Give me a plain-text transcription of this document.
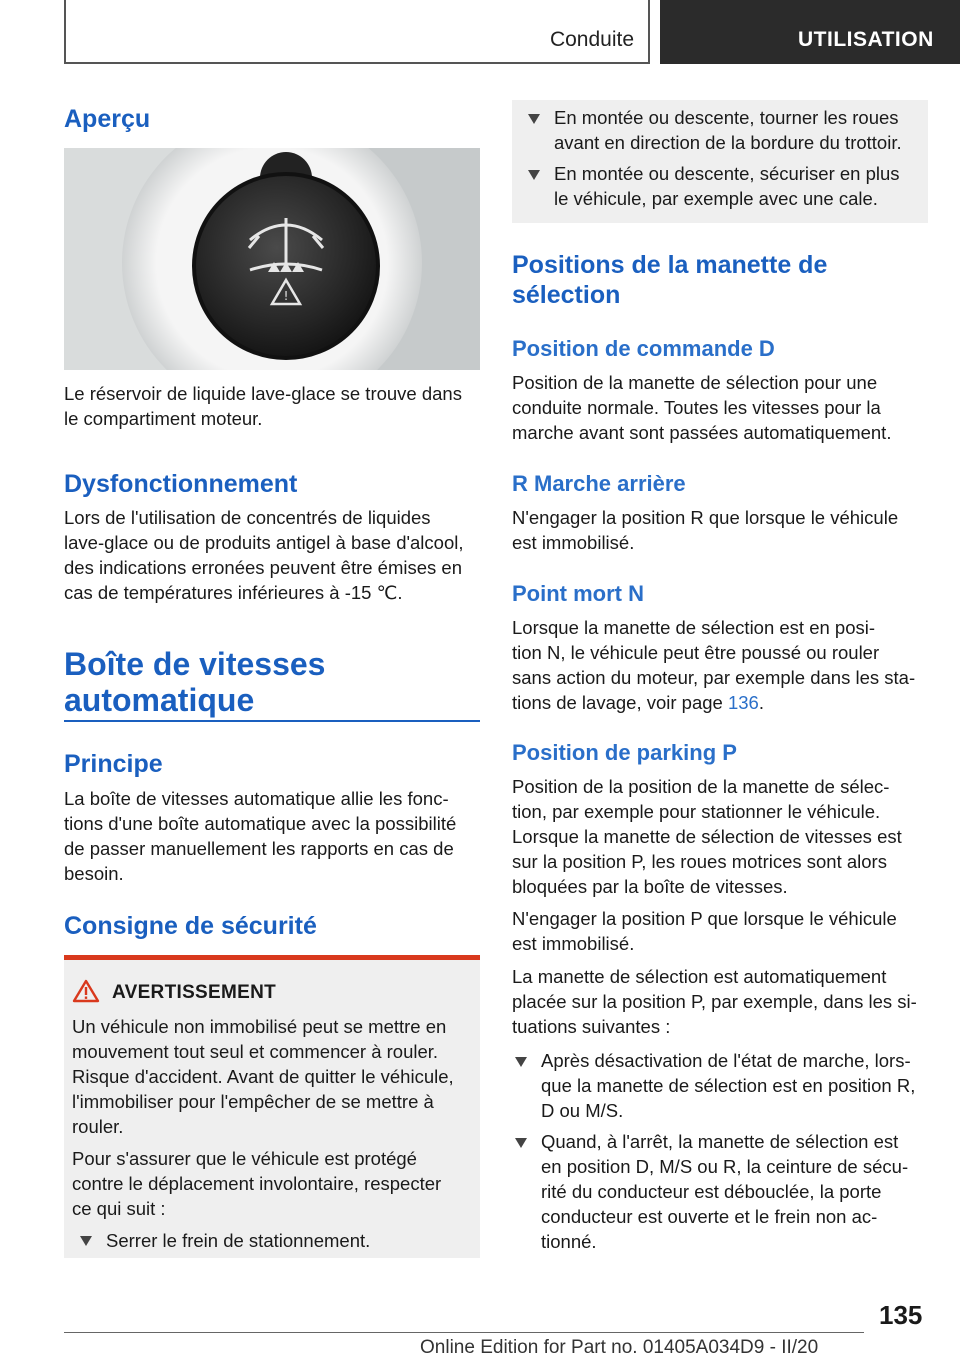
Conduite	UTILISATION
Aperçu
!
Le réservoir de liquide lave-glace se trouve dans
le compartiment moteur.
Dysfonctionnement
Lors de l'utilisation de concentrés de liquides
lave-glace ou de produits antigel à base d'alcool,
des indications erronées peuvent être émises en
cas de températures inférieures à -15 ℃.
Boîte de vitesses
automatique
Principe
La boîte de vitesses automatique allie les fonc‐
tions d'une boîte automatique avec la possibilité
de passer manuellement les rapports en cas de
besoin.
Consigne de sécurité
AVERTISSEMENT
Un véhicule non immobilisé peut se mettre en
mouvement tout seul et commencer à rouler.
Risque d'accident. Avant de quitter le véhicule,
l'immobiliser pour l'empêcher de se mettre à
rouler.
Pour s'assurer que le véhicule est protégé
contre le déplacement involontaire, respecter
ce qui suit :
Serrer le frein de stationnement.
En montée ou descente, tourner les roues
avant en direction de la bordure du trottoir.
En montée ou descente, sécuriser en plus
le véhicule, par exemple avec une cale.
Positions de la manette de
sélection
Position de commande D
Position de la manette de sélection pour une
conduite normale. Toutes les vitesses pour la
marche avant sont passées automatiquement.
R Marche arrière
N'engager la position R que lorsque le véhicule
est immobilisé.
Point mort N
Lorsque la manette de sélection est en posi‐
tion N, le véhicule peut être poussé ou rouler
sans action du moteur, par exemple dans les sta‐
tions de lavage, voir page 136.
Position de parking P
Position de la position de la manette de sélec‐
tion, par exemple pour stationner le véhicule.
Lorsque la manette de sélection de vitesses est
sur la position P, les roues motrices sont alors
bloquées par la boîte de vitesses.
N'engager la position P que lorsque le véhicule
est immobilisé.
La manette de sélection est automatiquement
placée sur la position P, par exemple, dans les si‐
tuations suivantes :
Après désactivation de l'état de marche, lors‐
que la manette de sélection est en position R,
D ou M/S.
Quand, à l'arrêt, la manette de sélection est
en position D, M/S ou R, la ceinture de sécu‐
rité du conducteur est débouclée, la porte
conducteur est ouverte et le frein non ac‐
tionné.
135
Online Edition for Part no. 01405A034D9 - II/20
